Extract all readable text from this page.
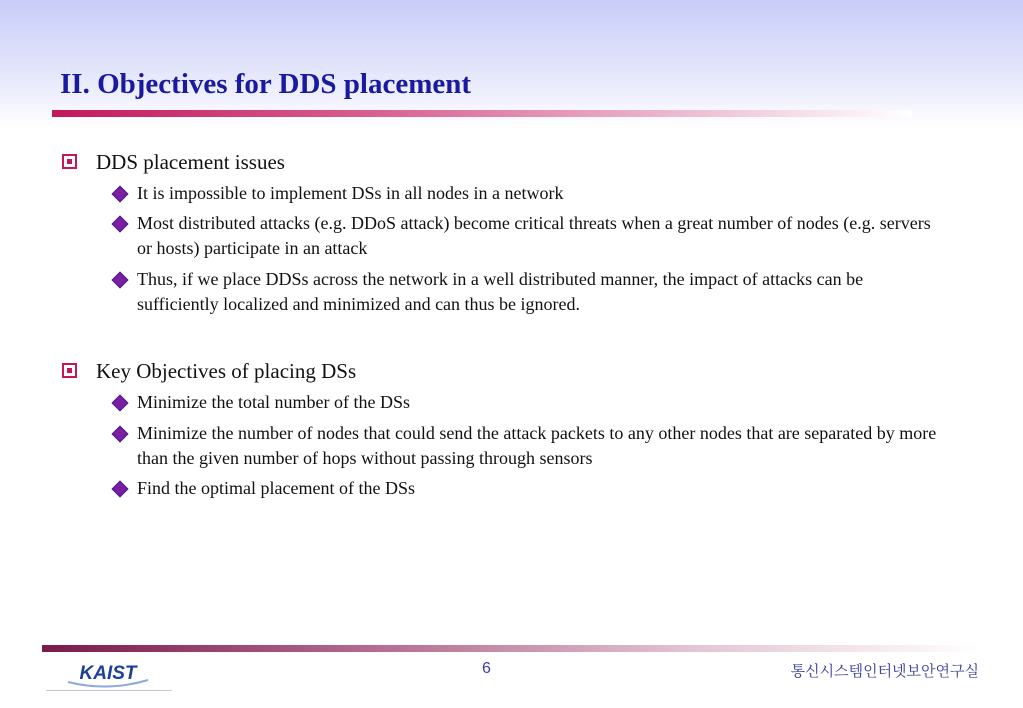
II. Objectives for DDS placement
DDS placement issues
It is impossible to implement DSs in all nodes in a network
Most distributed attacks (e.g. DDoS attack) become critical threats when a great number of nodes (e.g. servers or hosts) participate in an attack
Thus, if we place DDSs across the network in a well distributed manner, the impact of attacks can be sufficiently localized and minimized and can thus be ignored.
Key Objectives of placing DSs
Minimize the total number of the DSs
Minimize the number of nodes that could send the attack packets to any other nodes that are separated by more than the given number of hops without passing through sensors
Find the optimal placement of the DSs
KAIST	6	통신시스템인터넷보안연구실
